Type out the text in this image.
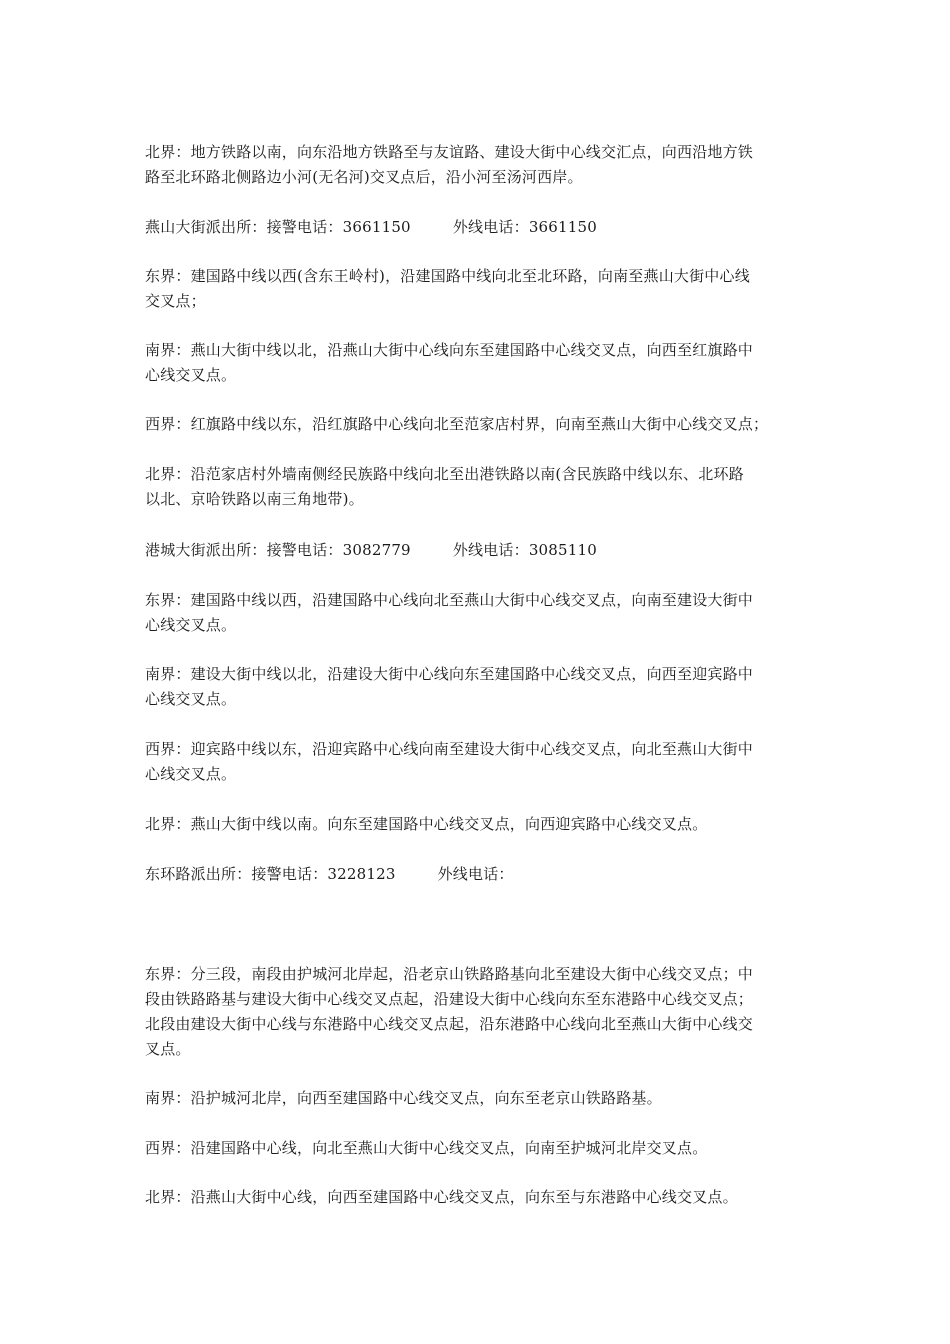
北界：地方铁路以南，向东沿地方铁路至与友谊路、建设大街中心线交汇点，向西沿地方铁
路至北环路北侧路边小河(无名河)交叉点后，沿小河至汤河西岸。

燕山大街派出所：接警电话：3661150	外线电话：3661150

东界：建国路中线以西(含东王岭村)，沿建国路中线向北至北环路，向南至燕山大街中心线
交叉点；

南界：燕山大街中线以北，沿燕山大街中心线向东至建国路中心线交叉点，向西至红旗路中
心线交叉点。

西界：红旗路中线以东，沿红旗路中心线向北至范家店村界，向南至燕山大街中心线交叉点；

北界：沿范家店村外墙南侧经民族路中线向北至出港铁路以南(含民族路中线以东、北环路
以北、京哈铁路以南三角地带)。

港城大街派出所：接警电话：3082779	外线电话：3085110

东界：建国路中线以西，沿建国路中心线向北至燕山大街中心线交叉点，向南至建设大街中
心线交叉点。

南界：建设大街中线以北，沿建设大街中心线向东至建国路中心线交叉点，向西至迎宾路中
心线交叉点。

西界：迎宾路中线以东，沿迎宾路中心线向南至建设大街中心线交叉点，向北至燕山大街中
心线交叉点。

北界：燕山大街中线以南。向东至建国路中心线交叉点，向西迎宾路中心线交叉点。

东环路派出所：接警电话：3228123	外线电话：

东界：分三段，南段由护城河北岸起，沿老京山铁路路基向北至建设大街中心线交叉点；中
段由铁路路基与建设大街中心线交叉点起，沿建设大街中心线向东至东港路中心线交叉点；
北段由建设大街中心线与东港路中心线交叉点起，沿东港路中心线向北至燕山大街中心线交
叉点。

南界：沿护城河北岸，向西至建国路中心线交叉点，向东至老京山铁路路基。

西界：沿建国路中心线，向北至燕山大街中心线交叉点，向南至护城河北岸交叉点。

北界：沿燕山大街中心线，向西至建国路中心线交叉点，向东至与东港路中心线交叉点。
